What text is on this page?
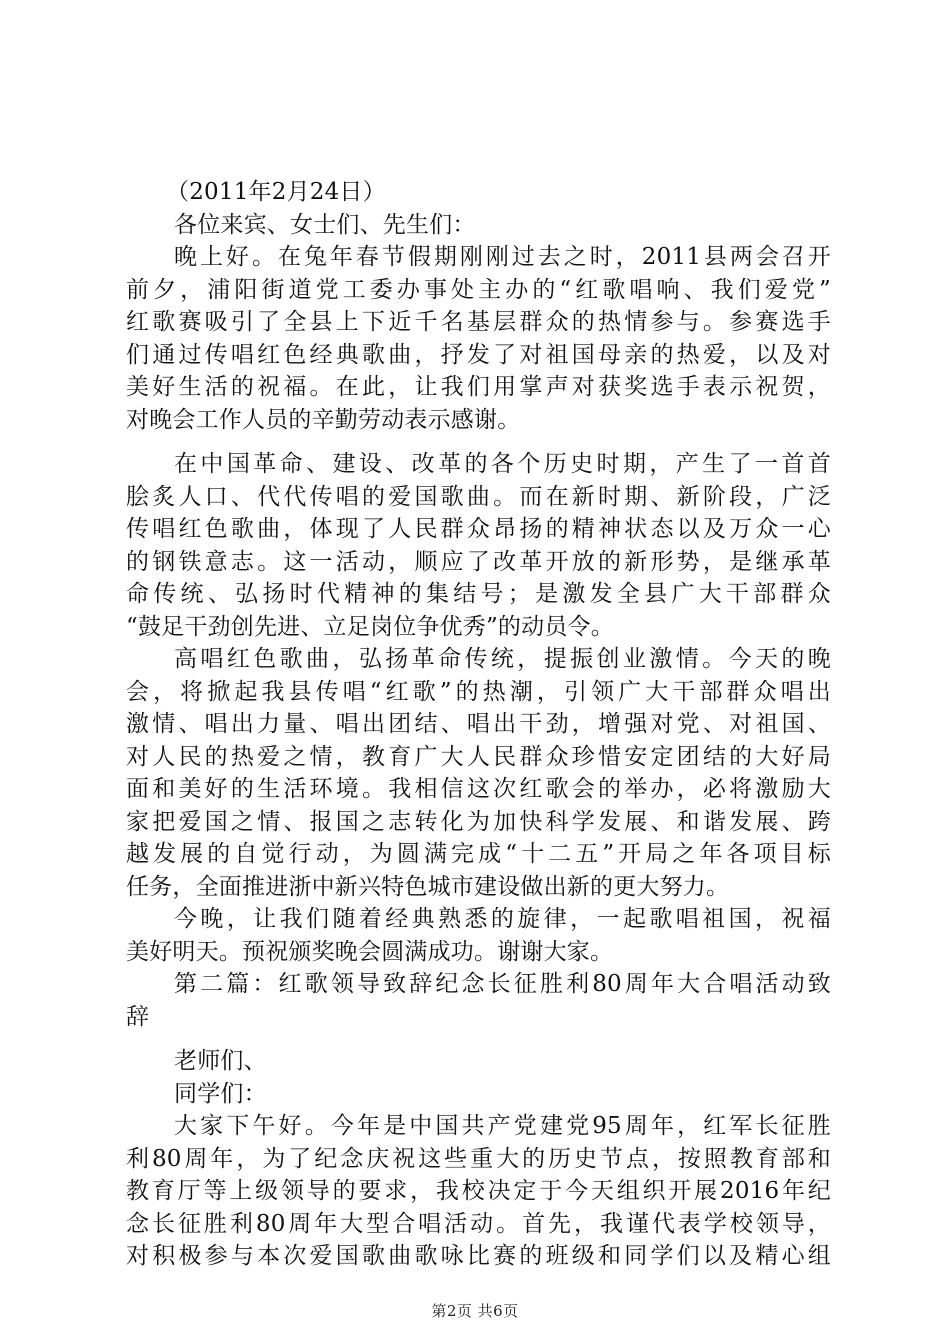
（2011年2月24日）
各位来宾、女士们、先生们：
晚上好。在兔年春节假期刚刚过去之时，2011县两会召开
前夕，浦阳街道党工委办事处主办的“红歌唱响、我们爱党”
红歌赛吸引了全县上下近千名基层群众的热情参与。参赛选手
们通过传唱红色经典歌曲，抒发了对祖国母亲的热爱，以及对
美好生活的祝福。在此，让我们用掌声对获奖选手表示祝贺，
对晚会工作人员的辛勤劳动表示感谢。
在中国革命、建设、改革的各个历史时期，产生了一首首
脍炙人口、代代传唱的爱国歌曲。而在新时期、新阶段，广泛
传唱红色歌曲，体现了人民群众昂扬的精神状态以及万众一心
的钢铁意志。这一活动，顺应了改革开放的新形势，是继承革
命传统、弘扬时代精神的集结号；是激发全县广大干部群众
“鼓足干劲创先进、立足岗位争优秀”的动员令。
高唱红色歌曲，弘扬革命传统，提振创业激情。今天的晚
会，将掀起我县传唱“红歌”的热潮，引领广大干部群众唱出
激情、唱出力量、唱出团结、唱出干劲，增强对党、对祖国、
对人民的热爱之情，教育广大人民群众珍惜安定团结的大好局
面和美好的生活环境。我相信这次红歌会的举办，必将激励大
家把爱国之情、报国之志转化为加快科学发展、和谐发展、跨
越发展的自觉行动，为圆满完成“十二五”开局之年各项目标
任务，全面推进浙中新兴特色城市建设做出新的更大努力。
今晚，让我们随着经典熟悉的旋律，一起歌唱祖国，祝福
美好明天。预祝颁奖晚会圆满成功。谢谢大家。
第二篇：红歌领导致辞纪念长征胜利80周年大合唱活动致
辞
老师们、
同学们：
大家下午好。今年是中国共产党建党95周年，红军长征胜
利80周年，为了纪念庆祝这些重大的历史节点，按照教育部和
教育厅等上级领导的要求，我校决定于今天组织开展2016年纪
念长征胜利80周年大型合唱活动。首先，我谨代表学校领导，
对积极参与本次爱国歌曲歌咏比赛的班级和同学们以及精心组
第2页 共6页
